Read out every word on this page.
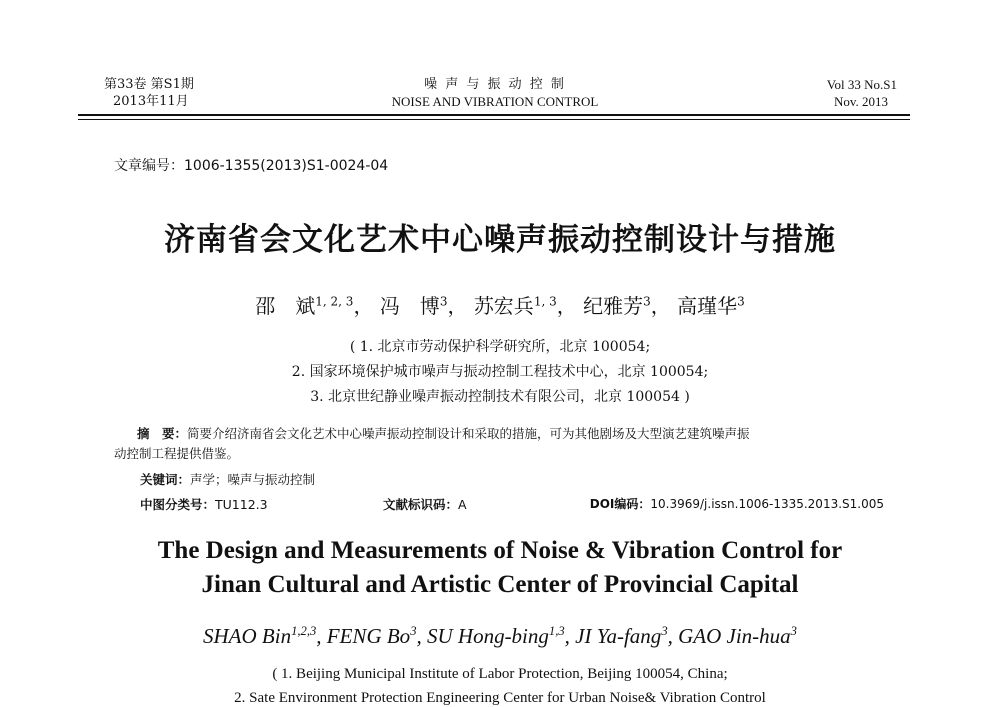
第33卷 第S1期
2013年11月
噪 声 与 振 动 控 制
NOISE AND VIBRATION CONTROL
Vol 33 No.S1
Nov. 2013
文章编号：1006-1355(2013)S1-0024-04
济南省会文化艺术中心噪声振动控制设计与措施
邵　斌$^{1, 2, 3}$， 冯　博$^3$， 苏宏兵$^{1, 3}$， 纪雅芳$^3$， 高瑾华$^3$
( 1. 北京市劳动保护科学研究所，北京 100054;
2. 国家环境保护城市噪声与振动控制工程技术中心，北京 100054;
3. 北京世纪静业噪声振动控制技术有限公司，北京 100054 )
摘　要：简要介绍济南省会文化艺术中心噪声振动控制设计和采取的措施，可为其他剧场及大型演艺建筑噪声振
动控制工程提供借鉴。
关键词：声学；噪声与振动控制
中图分类号：TU112.3	文献标识码：A	DOI编码：10.3969/j.issn.1006-1335.2013.S1.005
The Design and Measurements of Noise & Vibration Control for
Jinan Cultural and Artistic Center of Provincial Capital
SHAO Bin$^{1,2,3}$, FENG Bo$^3$, SU Hong-bing$^{1,3}$, JI Ya-fang$^3$, GAO Jin-hua$^3$
( 1. Beijing Municipal Institute of Labor Protection, Beijing 100054, China;
2. Sate Environment Protection Engineering Center for Urban Noise& Vibration Control
